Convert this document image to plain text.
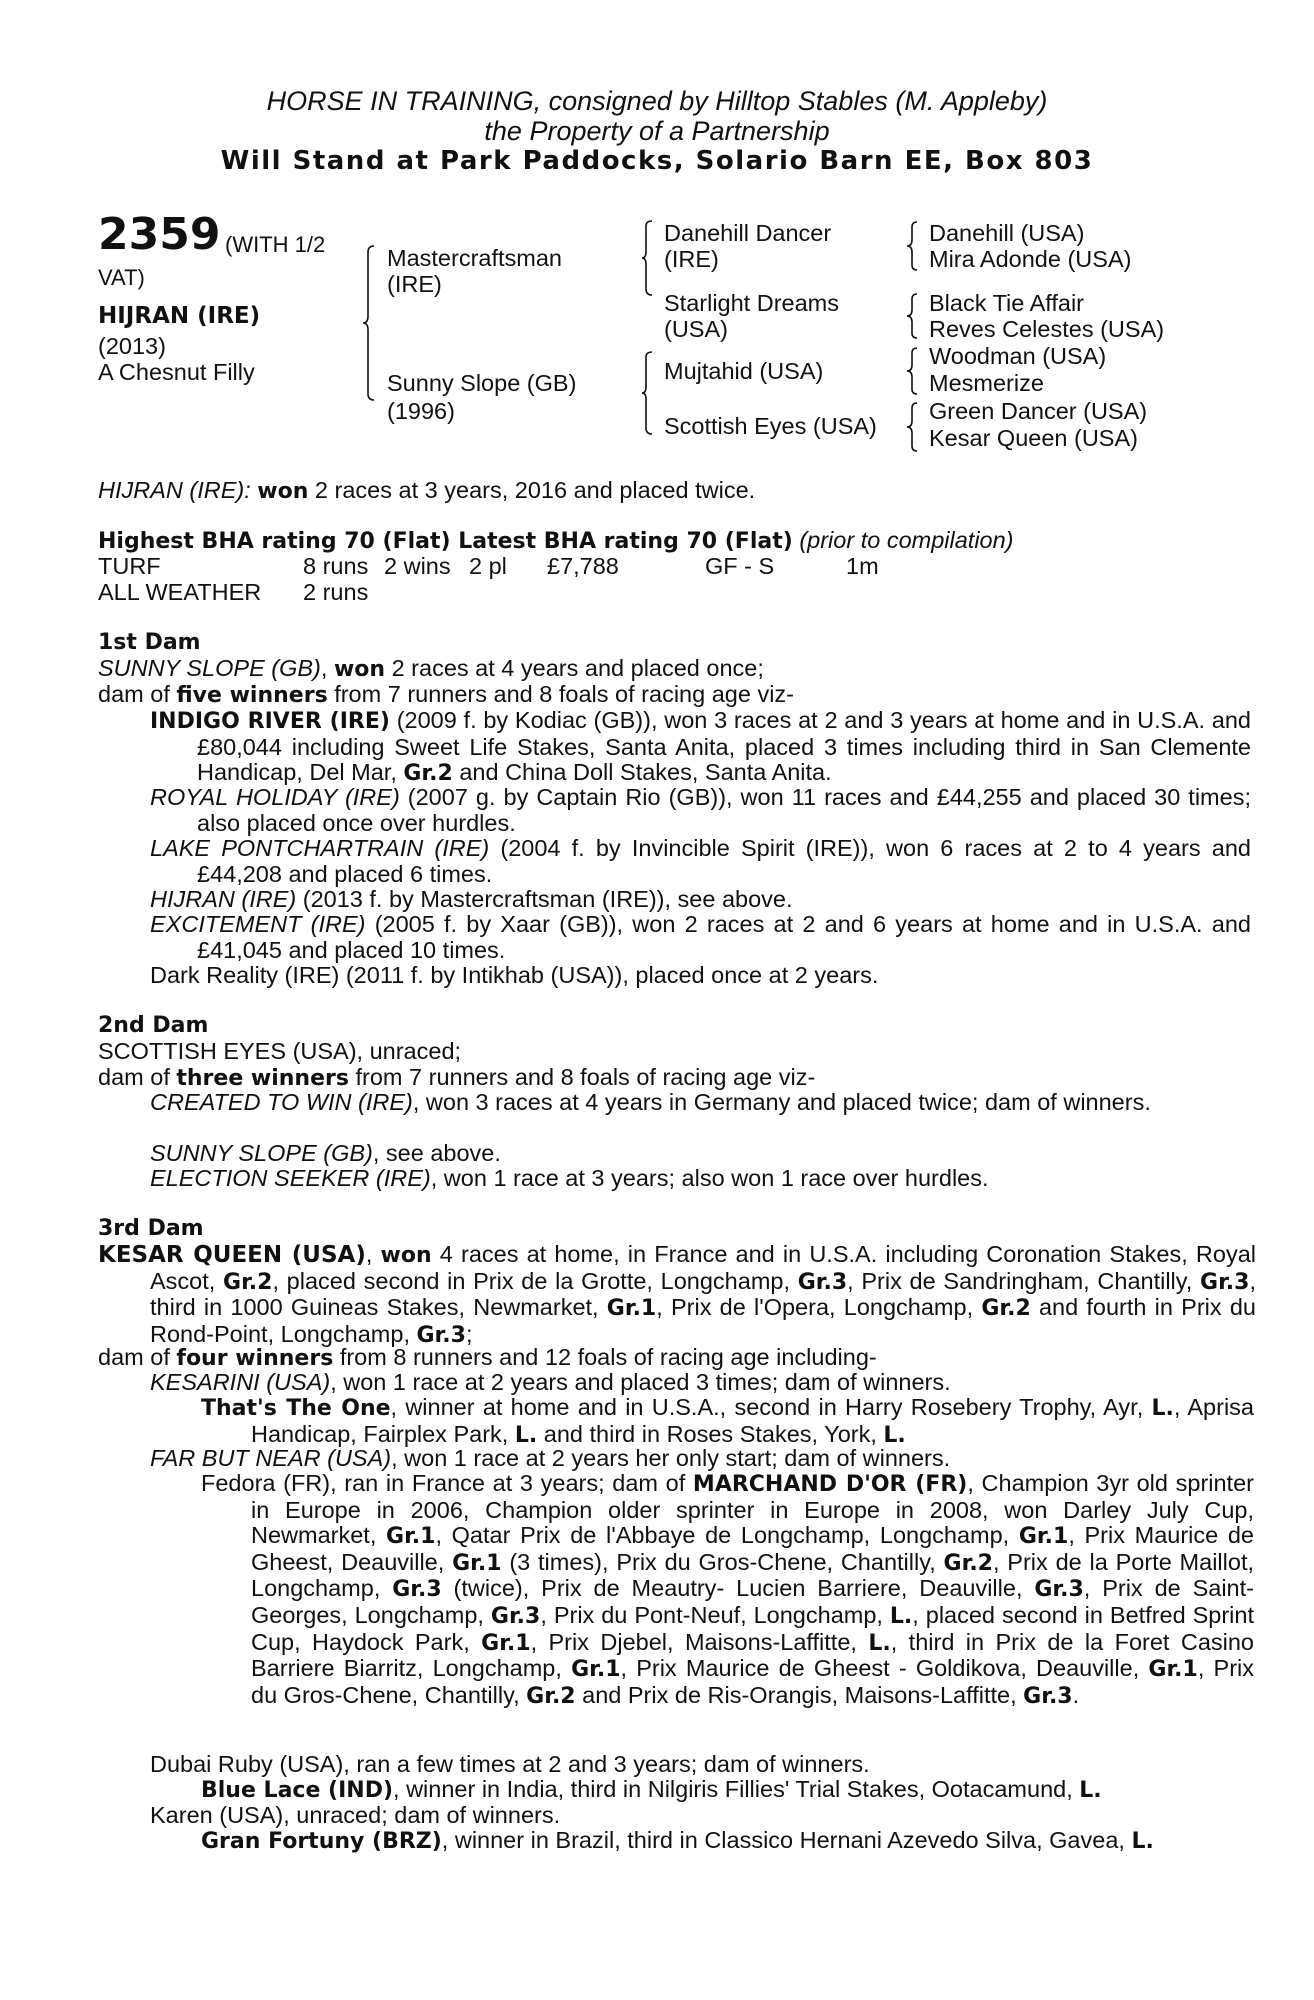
HORSE IN TRAINING, consigned by Hilltop Stables (M. Appleby)
the Property of a Partnership
Will Stand at Park Paddocks, Solario Barn EE, Box 803
2359 (WITH 1/2
VAT)
HIJRAN (IRE)
(2013)
A Chesnut Filly
Mastercraftsman
(IRE)
Sunny Slope (GB)
(1996)
Danehill Dancer
(IRE)
Starlight Dreams
(USA)
Mujtahid (USA)
Scottish Eyes (USA)
Danehill (USA)
Mira Adonde (USA)
Black Tie Affair
Reves Celestes (USA)
Woodman (USA)
Mesmerize
Green Dancer (USA)
Kesar Queen (USA)
HIJRAN (IRE): won 2 races at 3 years, 2016 and placed twice.
Highest BHA rating 70 (Flat) Latest BHA rating 70 (Flat) (prior to compilation)
TURF	8 runs 2 wins 2 pl £7,788	GF - S	1m
ALL WEATHER 2 runs
1st Dam
SUNNY SLOPE (GB), won 2 races at 4 years and placed once;
dam of five winners from 7 runners and 8 foals of racing age viz-
INDIGO RIVER (IRE) (2009 f. by Kodiac (GB)), won 3 races at 2 and 3 years at home and in U.S.A. and £80,044 including Sweet Life Stakes, Santa Anita, placed 3 times including third in San Clemente Handicap, Del Mar, Gr.2 and China Doll Stakes, Santa Anita.
ROYAL HOLIDAY (IRE) (2007 g. by Captain Rio (GB)), won 11 races and £44,255 and placed 30 times; also placed once over hurdles.
LAKE PONTCHARTRAIN (IRE) (2004 f. by Invincible Spirit (IRE)), won 6 races at 2 to 4 years and £44,208 and placed 6 times.
HIJRAN (IRE) (2013 f. by Mastercraftsman (IRE)), see above.
EXCITEMENT (IRE) (2005 f. by Xaar (GB)), won 2 races at 2 and 6 years at home and in U.S.A. and £41,045 and placed 10 times.
Dark Reality (IRE) (2011 f. by Intikhab (USA)), placed once at 2 years.
2nd Dam
SCOTTISH EYES (USA), unraced;
dam of three winners from 7 runners and 8 foals of racing age viz-
CREATED TO WIN (IRE), won 3 races at 4 years in Germany and placed twice; dam of winners.
SUNNY SLOPE (GB), see above.
ELECTION SEEKER (IRE), won 1 race at 3 years; also won 1 race over hurdles.
3rd Dam
KESAR QUEEN (USA), won 4 races at home, in France and in U.S.A. including Coronation Stakes, Royal Ascot, Gr.2, placed second in Prix de la Grotte, Longchamp, Gr.3, Prix de Sandringham, Chantilly, Gr.3, third in 1000 Guineas Stakes, Newmarket, Gr.1, Prix de l'Opera, Longchamp, Gr.2 and fourth in Prix du Rond-Point, Longchamp, Gr.3;
dam of four winners from 8 runners and 12 foals of racing age including-
KESARINI (USA), won 1 race at 2 years and placed 3 times; dam of winners.
That's The One, winner at home and in U.S.A., second in Harry Rosebery Trophy, Ayr, L., Aprisa Handicap, Fairplex Park, L. and third in Roses Stakes, York, L.
FAR BUT NEAR (USA), won 1 race at 2 years her only start; dam of winners.
Fedora (FR), ran in France at 3 years; dam of MARCHAND D'OR (FR), Champion 3yr old sprinter in Europe in 2006, Champion older sprinter in Europe in 2008, won Darley July Cup, Newmarket, Gr.1, Qatar Prix de l'Abbaye de Longchamp, Longchamp, Gr.1, Prix Maurice de Gheest, Deauville, Gr.1 (3 times), Prix du Gros-Chene, Chantilly, Gr.2, Prix de la Porte Maillot, Longchamp, Gr.3 (twice), Prix de Meautry- Lucien Barriere, Deauville, Gr.3, Prix de Saint-Georges, Longchamp, Gr.3, Prix du Pont-Neuf, Longchamp, L., placed second in Betfred Sprint Cup, Haydock Park, Gr.1, Prix Djebel, Maisons-Laffitte, L., third in Prix de la Foret Casino Barriere Biarritz, Longchamp, Gr.1, Prix Maurice de Gheest - Goldikova, Deauville, Gr.1, Prix du Gros-Chene, Chantilly, Gr.2 and Prix de Ris-Orangis, Maisons-Laffitte, Gr.3.
Dubai Ruby (USA), ran a few times at 2 and 3 years; dam of winners.
Blue Lace (IND), winner in India, third in Nilgiris Fillies' Trial Stakes, Ootacamund, L.
Karen (USA), unraced; dam of winners.
Gran Fortuny (BRZ), winner in Brazil, third in Classico Hernani Azevedo Silva, Gavea, L.
